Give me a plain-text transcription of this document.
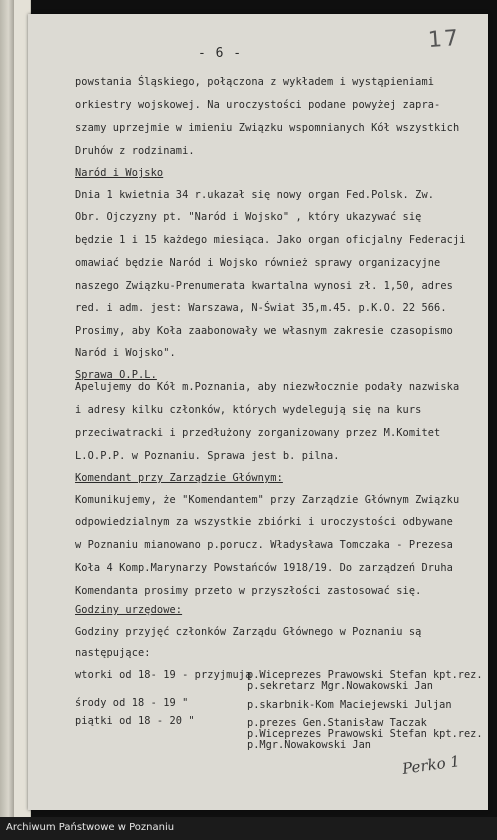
17
- 6 -
powstania Śląskiego, połączona z wykładem i wystąpieniami
orkiestry wojskowej. Na uroczystości podane powyżej zapra-
szamy uprzejmie w imieniu Związku wspomnianych Kół wszystkich
Druhów z rodzinami.
Naród i Wojsko
Dnia 1 kwietnia 34 r.ukazał się nowy organ Fed.Polsk. Zw.
Obr. Ojczyzny pt. "Naród i Wojsko" , który ukazywać się
będzie 1 i 15 każdego miesiąca. Jako organ oficjalny Federacji
omawiać będzie Naród i Wojsko również sprawy organizacyjne
naszego Związku-Prenumerata kwartalna wynosi zł. 1,50, adres
red. i adm. jest: Warszawa, N-Świat 35,m.45. p.K.O. 22 566.
Prosimy, aby Koła zaabonowały we własnym zakresie czasopismo
Naród i Wojsko".
Sprawa O.P.L.
Apelujemy do Kół m.Poznania, aby niezwłocznie podały nazwiska
i adresy kilku członków, których wydelegują się na kurs
przeciwatracki i przedłużony zorganizowany przez M.Komitet
L.O.P.P. w Poznaniu. Sprawa jest b. pilna.
Komendant przy Zarządzie Głównym:
Komunikujemy, że "Komendantem" przy Zarządzie Głównym Związku
odpowiedzialnym za wszystkie zbiórki i uroczystości odbywane
w Poznaniu mianowano p.porucz. Władysława Tomczaka - Prezesa
Koła 4 Komp.Marynarzy Powstańców 1918/19. Do zarządzeń Druha
Komendanta prosimy przeto w przyszłości zastosować się.
Godziny urzędowe:
Godziny przyjęć członków Zarządu Głównego w Poznaniu są
następujące:
wtorki od 18- 19 - przyjmują
p.Wiceprezes Prawowski Stefan kpt.rez.
p.sekretarz Mgr.Nowakowski Jan
środy od 18 - 19 "	p.skarbnik-Kom Maciejewski Juljan
piątki od 18 - 20 "	p.prezes Gen.Stanisław Taczak
p.Wiceprezes Prawowski Stefan kpt.rez.
p.Mgr.Nowakowski Jan
Perko 1
Archiwum Państwowe w Poznaniu
